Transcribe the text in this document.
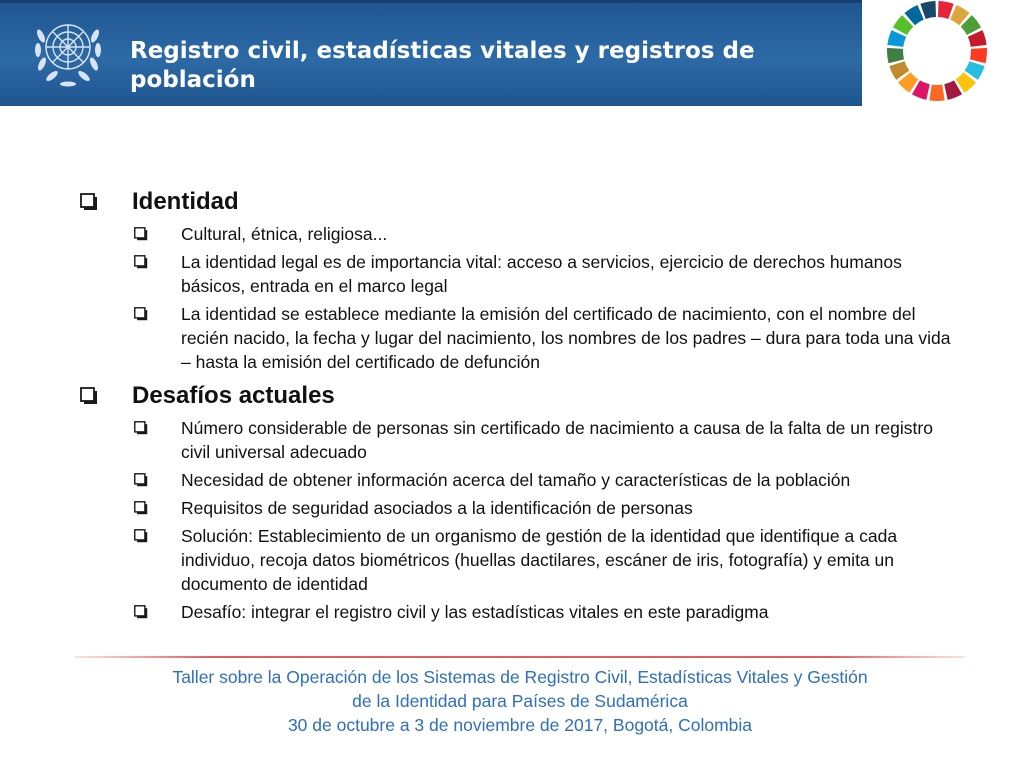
Registro civil, estadísticas vitales y registros de
población
Identidad
Cultural, étnica, religiosa...
La identidad legal es de importancia vital: acceso a servicios, ejercicio de derechos humanos básicos, entrada en el marco legal
La identidad se establece mediante la emisión del certificado de nacimiento, con el nombre del recién nacido, la fecha y lugar del nacimiento, los nombres de los padres – dura para toda una vida – hasta la emisión del certificado de defunción
Desafíos actuales
Número considerable de personas sin certificado de nacimiento a causa de la falta de un registro civil universal adecuado
Necesidad de obtener información acerca del tamaño y características de la población
Requisitos de seguridad asociados a la identificación de personas
Solución: Establecimiento de un organismo de gestión de la identidad que identifique a cada individuo, recoja datos biométricos (huellas dactilares, escáner de iris, fotografía) y emita un documento de identidad
Desafío: integrar el registro civil y las estadísticas vitales en este paradigma
Taller sobre la Operación de los Sistemas de Registro Civil, Estadísticas Vitales y Gestión
de la Identidad para Países de Sudamérica
30 de octubre a 3 de noviembre de 2017, Bogotá, Colombia
